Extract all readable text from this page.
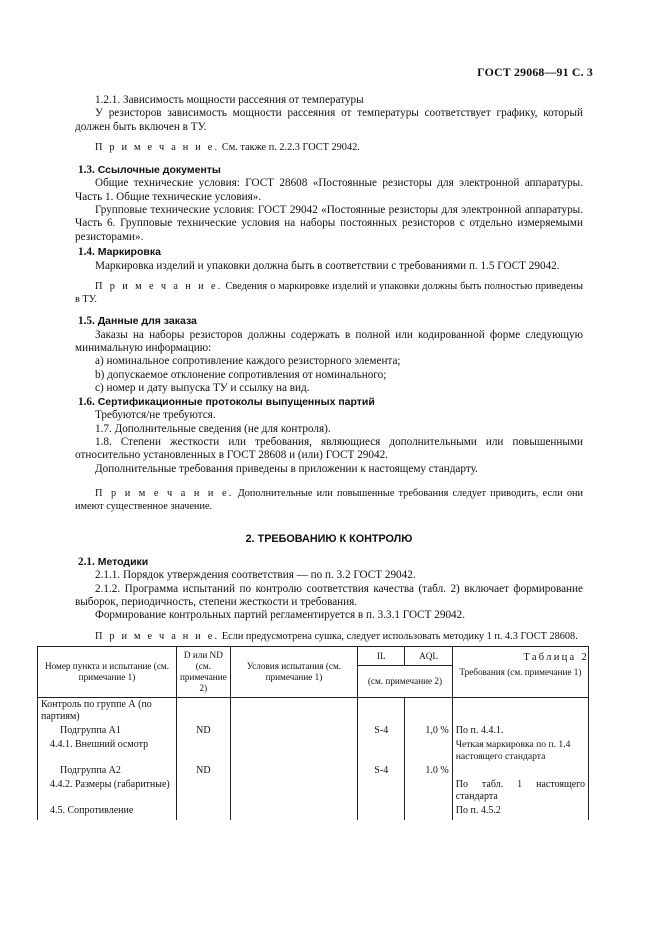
ГОСТ 29068—91 С. 3

1.2.1. Зависимость мощности рассеяния от температуры

У резисторов зависимость мощности рассеяния от температуры соответствует графику, который должен быть включен в ТУ.

П р и м е ч а н и е. См. также п. 2.2.3 ГОСТ 29042.

1.3. Ссылочные документы

Общие технические условия: ГОСТ 28608 «Постоянные резисторы для электронной аппаратуры. Часть 1. Общие технические условия».

Групповые технические условия: ГОСТ 29042 «Постоянные резисторы для электронной аппаратуры. Часть 6. Групповые технические условия на наборы постоянных резисторов с отдельно измеряемыми резисторами».

1.4. Маркировка

Маркировка изделий и упаковки должна быть в соответствии с требованиями п. 1.5 ГОСТ 29042.

П р и м е ч а н и е. Сведения о маркировке изделий и упаковки должны быть полностью приведены в ТУ.

1.5. Данные для заказа

Заказы на наборы резисторов должны содержать в полной или кодированной форме следующую минимальную информацию:

a) номинальное сопротивление каждого резисторного элемента;

b) допускаемое отклонение сопротивления от номинального;

c) номер и дату выпуска ТУ и ссылку на вид.

1.6. Сертификационные протоколы выпущенных партий

Требуются/не требуются.

1.7. Дополнительные сведения (не для контроля).

1.8. Степени жесткости или требования, являющиеся дополнительными или повышенными относительно установленных в ГОСТ 28608 и (или) ГОСТ 29042.

Дополнительные требования приведены в приложении к настоящему стандарту.

П р и м е ч а н и е. Дополнительные или повышенные требования следует приводить, если они имеют существенное значение.

2. ТРЕБОВАНИЮ К КОНТРОЛЮ

2.1. Методики

2.1.1. Порядок утверждения соответствия — по п. 3.2 ГОСТ 29042.

2.1.2. Программа испытаний по контролю соответствия качества (табл. 2) включает формирование выборок, периодичность, степени жесткости и требования.

Формирование контрольных партий регламентируется в п. 3.3.1 ГОСТ 29042.

П р и м е ч а н и е. Если предусмотрена сушка, следует использовать методику 1 п. 4.3 ГОСТ 28608.

Таблица 2

Номер пункта и испытание (см. примечание 1)	D или ND (см. примечание 2)	Условия испытания (см. примечание 1)	IL	AQL	Требования (см. примечание 1)
			(см. примечание 2)		
Контроль по группе А (по партиям)					
Подгруппа А1	ND		S-4	1,0 %	По п. 4.4.1.
4.4.1. Внешний осмотр					Четкая маркировка по п. 1.4 настоящего стандарта
Подгруппа А2	ND		S-4	1.0 %	
4.4.2. Размеры (габаритные)					По табл. 1 настоящего стандарта
4.5. Сопротивление					По п. 4.5.2
